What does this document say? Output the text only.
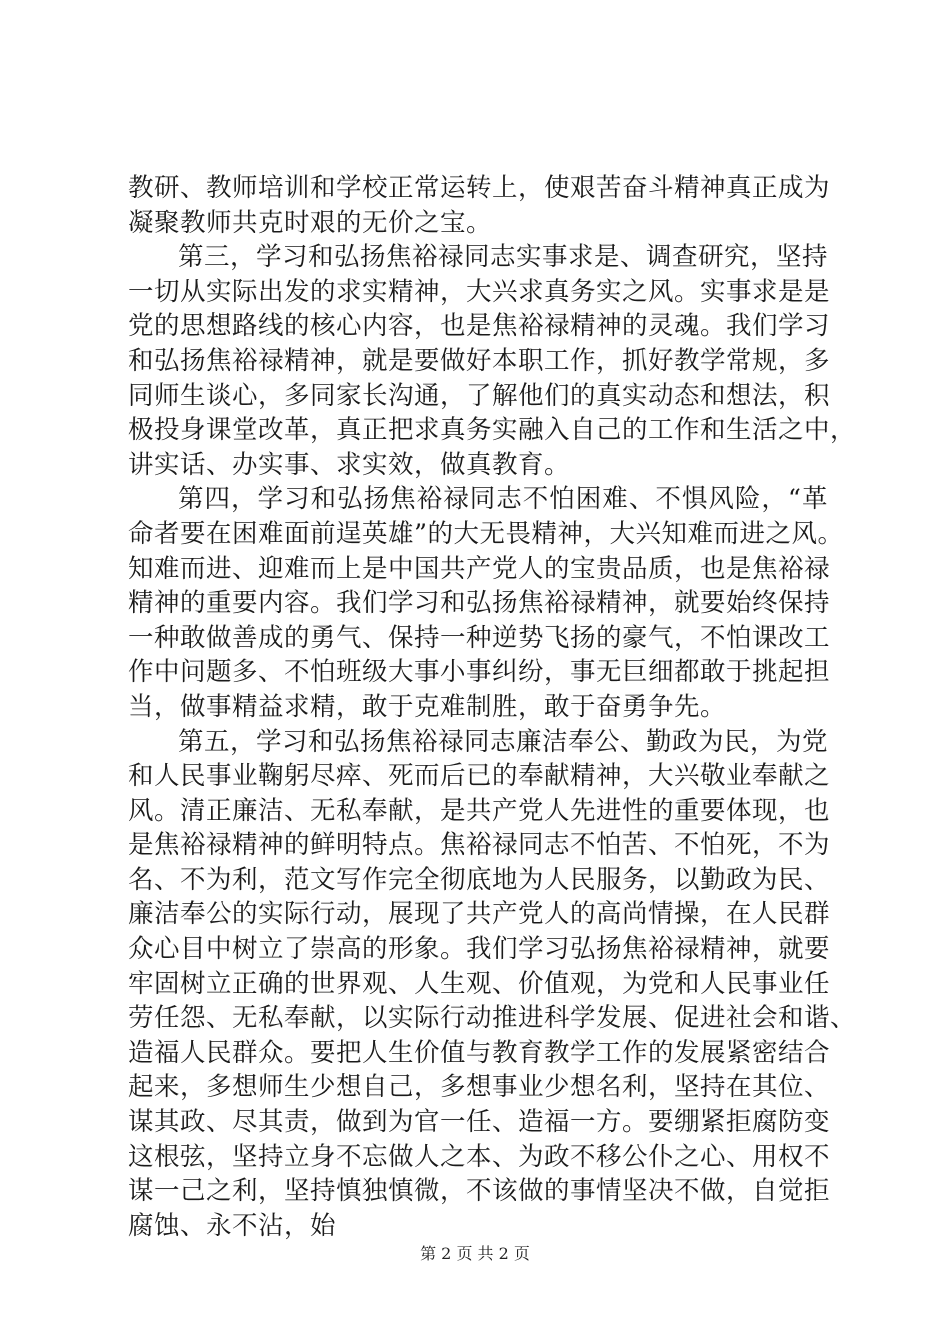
教研、教师培训和学校正常运转上，使艰苦奋斗精神真正成为
凝聚教师共克时艰的无价之宝。
第三，学习和弘扬焦裕禄同志实事求是、调查研究，坚持
一切从实际出发的求实精神，大兴求真务实之风。实事求是是
党的思想路线的核心内容，也是焦裕禄精神的灵魂。我们学习
和弘扬焦裕禄精神，就是要做好本职工作，抓好教学常规，多
同师生谈心，多同家长沟通，了解他们的真实动态和想法，积
极投身课堂改革，真正把求真务实融入自己的工作和生活之中，
讲实话、办实事、求实效，做真教育。
第四，学习和弘扬焦裕禄同志不怕困难、不惧风险，“革
命者要在困难面前逞英雄”的大无畏精神，大兴知难而进之风。
知难而进、迎难而上是中国共产党人的宝贵品质，也是焦裕禄
精神的重要内容。我们学习和弘扬焦裕禄精神，就要始终保持
一种敢做善成的勇气、保持一种逆势飞扬的豪气，不怕课改工
作中问题多、不怕班级大事小事纠纷，事无巨细都敢于挑起担
当，做事精益求精，敢于克难制胜，敢于奋勇争先。
第五，学习和弘扬焦裕禄同志廉洁奉公、勤政为民，为党
和人民事业鞠躬尽瘁、死而后已的奉献精神，大兴敬业奉献之
风。清正廉洁、无私奉献，是共产党人先进性的重要体现，也
是焦裕禄精神的鲜明特点。焦裕禄同志不怕苦、不怕死，不为
名、不为利，范文写作完全彻底地为人民服务，以勤政为民、
廉洁奉公的实际行动，展现了共产党人的高尚情操，在人民群
众心目中树立了崇高的形象。我们学习弘扬焦裕禄精神，就要
牢固树立正确的世界观、人生观、价值观，为党和人民事业任
劳任怨、无私奉献，以实际行动推进科学发展、促进社会和谐、
造福人民群众。要把人生价值与教育教学工作的发展紧密结合
起来，多想师生少想自己，多想事业少想名利，坚持在其位、
谋其政、尽其责，做到为官一任、造福一方。要绷紧拒腐防变
这根弦，坚持立身不忘做人之本、为政不移公仆之心、用权不
谋一己之利，坚持慎独慎微，不该做的事情坚决不做，自觉拒
腐蚀、永不沾，始
第 2 页 共 2 页
